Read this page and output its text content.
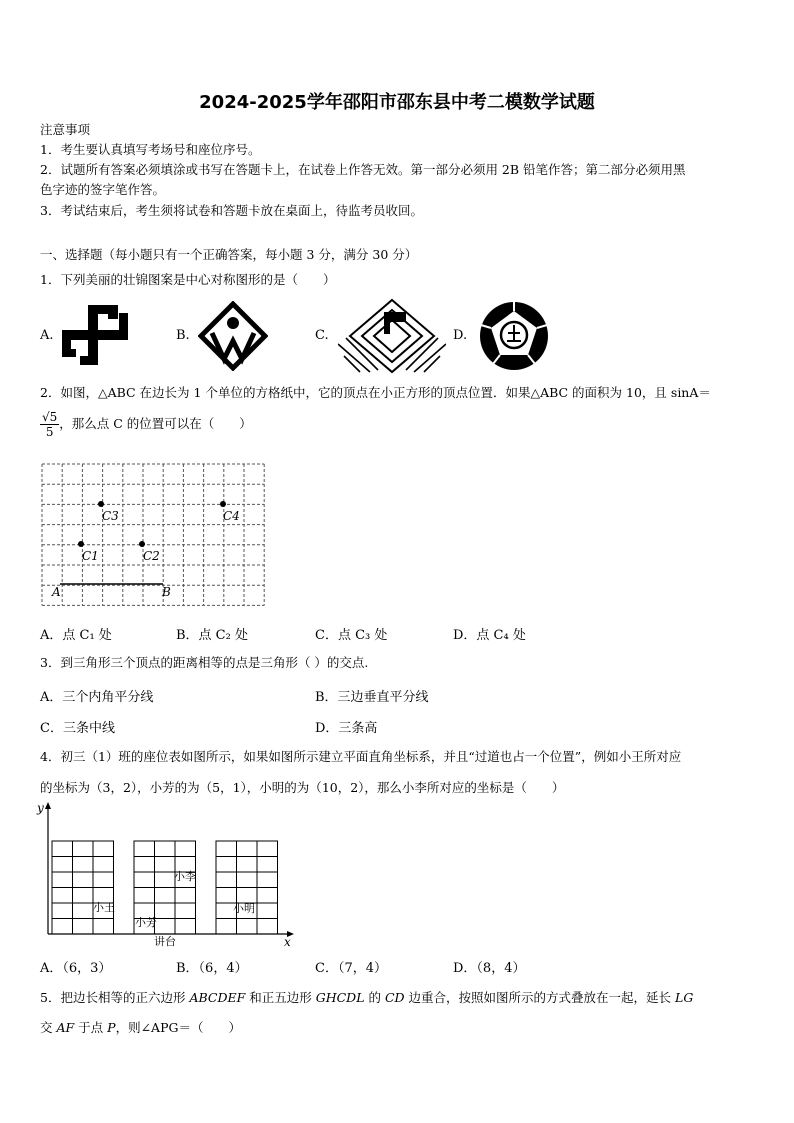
2024-2025学年邵阳市邵东县中考二模数学试题
注意事项
1．考生要认真填写考场号和座位序号。
2．试题所有答案必须填涂或书写在答题卡上，在试卷上作答无效。第一部分必须用 2B 铅笔作答；第二部分必须用黑
色字迹的签字笔作答。
3．考试结束后，考生须将试卷和答题卡放在桌面上，待监考员收回。
一、选择题（每小题只有一个正确答案，每小题 3 分，满分 30 分）
1．下列美丽的壮锦图案是中心对称图形的是（　　）
A.	B.	C.	D.
2．如图，△ABC 在边长为 1 个单位的方格纸中，它的顶点在小正方形的顶点位置．如果△ABC 的面积为 10，且 sinA＝
$\frac{√5}{5}$ ，那么点 C 的位置可以在（　　）
C3	C4
C1	C2
A	B
A．点 C₁ 处	B．点 C₂ 处	C．点 C₃ 处	D．点 C₄ 处
3．到三角形三个顶点的距离相等的点是三角形（ ）的交点.
A．三个内角平分线	B．三边垂直平分线
C．三条中线	D．三条高
4．初三（1）班的座位表如图所示，如果如图所示建立平面直角坐标系，并且“过道也占一个位置”，例如小王所对应
的坐标为（3，2），小芳的为（5，1），小明的为（10，2），那么小李所对应的坐标是（　　）
y
x
小李
小王
小芳
小明
讲台
A．（6，3）	B．（6，4）	C．（7，4）	D．（8，4）
5．把边长相等的正六边形 ABCDEF 和正五边形 GHCDL 的 CD 边重合，按照如图所示的方式叠放在一起，延长 LG
交 AF 于点 P，则∠APG＝（　　）
